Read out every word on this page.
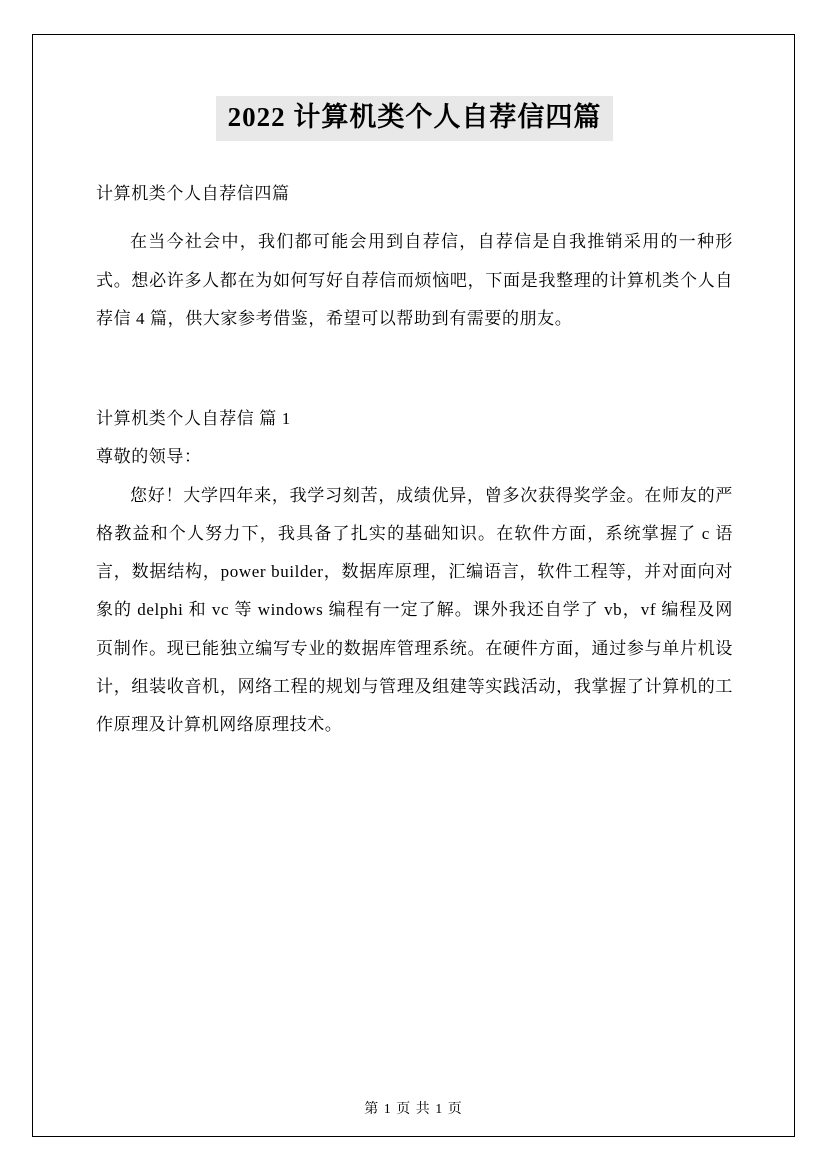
2022 计算机类个人自荐信四篇

计算机类个人自荐信四篇

在当今社会中，我们都可能会用到自荐信，自荐信是自我推销采用的一种形式。想必许多人都在为如何写好自荐信而烦恼吧，下面是我整理的计算机类个人自荐信 4 篇，供大家参考借鉴，希望可以帮助到有需要的朋友。

计算机类个人自荐信 篇 1

尊敬的领导：

您好！大学四年来，我学习刻苦，成绩优异，曾多次获得奖学金。在师友的严格教益和个人努力下，我具备了扎实的基础知识。在软件方面，系统掌握了 c 语言，数据结构，power builder，数据库原理，汇编语言，软件工程等，并对面向对象的 delphi 和 vc 等 windows 编程有一定了解。课外我还自学了 vb，vf 编程及网页制作。现已能独立编写专业的数据库管理系统。在硬件方面，通过参与单片机设计，组装收音机，网络工程的规划与管理及组建等实践活动，我掌握了计算机的工作原理及计算机网络原理技术。

第 1 页 共 1 页
